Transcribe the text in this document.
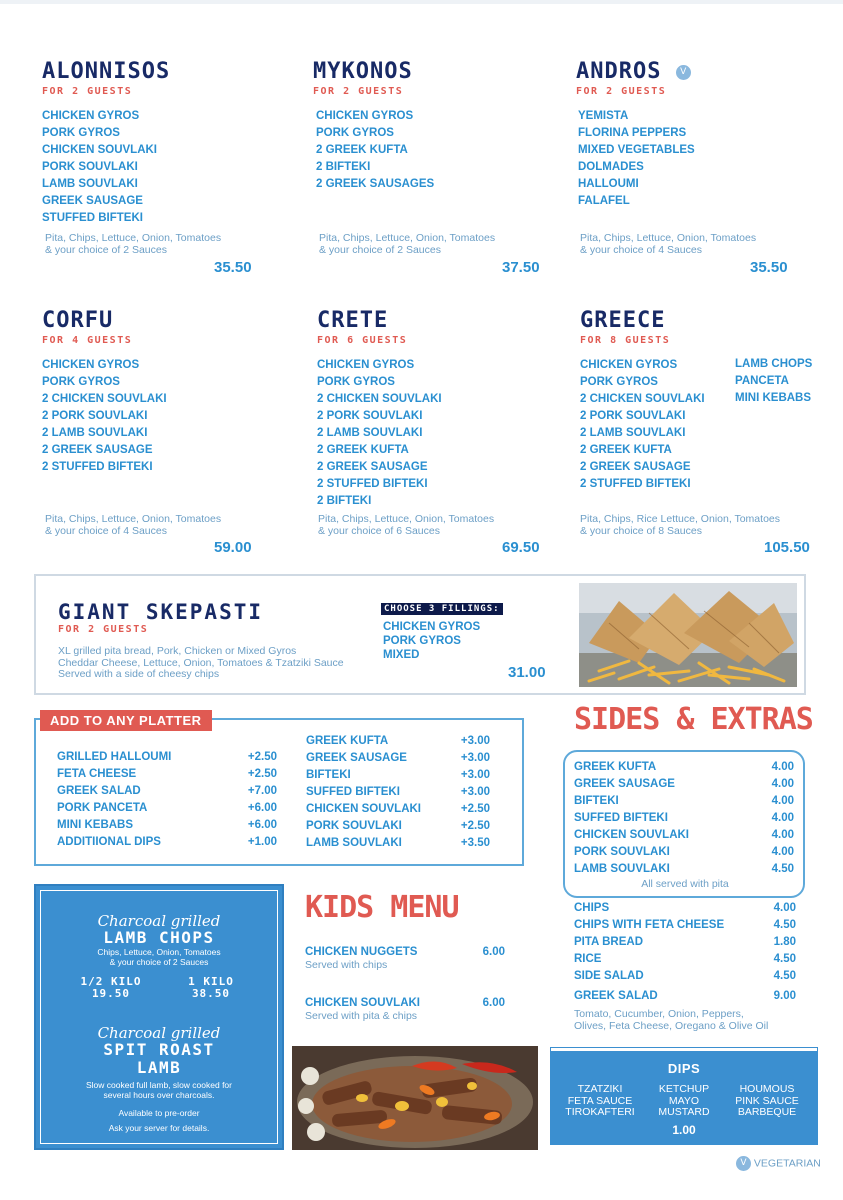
ALONNISOS
FOR 2 GUESTS
CHICKEN GYROS
PORK GYROS
CHICKEN SOUVLAKI
PORK SOUVLAKI
LAMB SOUVLAKI
GREEK SAUSAGE
STUFFED BIFTEKI
Pita, Chips, Lettuce, Onion, Tomatoes
& your choice of 2 Sauces
35.50
MYKONOS
FOR 2 GUESTS
CHICKEN GYROS
PORK GYROS
2 GREEK KUFTA
2 BIFTEKI
2 GREEK SAUSAGES
Pita, Chips, Lettuce, Onion, Tomatoes
& your choice of 2 Sauces
37.50
ANDROS V
FOR 2 GUESTS
YEMISTA
FLORINA PEPPERS
MIXED VEGETABLES
DOLMADES
HALLOUMI
FALAFEL
Pita, Chips, Lettuce, Onion, Tomatoes
& your choice of 4 Sauces
35.50
CORFU
FOR 4 GUESTS
CHICKEN GYROS
PORK GYROS
2 CHICKEN SOUVLAKI
2 PORK SOUVLAKI
2 LAMB SOUVLAKI
2 GREEK SAUSAGE
2 STUFFED BIFTEKI
Pita, Chips, Lettuce, Onion, Tomatoes
& your choice of 4 Sauces
59.00
CRETE
FOR 6 GUESTS
CHICKEN GYROS
PORK GYROS
2 CHICKEN SOUVLAKI
2 PORK SOUVLAKI
2 LAMB SOUVLAKI
2 GREEK KUFTA
2 GREEK SAUSAGE
2 STUFFED BIFTEKI
2 BIFTEKI
Pita, Chips, Lettuce, Onion, Tomatoes
& your choice of 6 Sauces
69.50
GREECE
FOR 8 GUESTS
CHICKEN GYROS
PORK GYROS
2 CHICKEN SOUVLAKI
2 PORK SOUVLAKI
2 LAMB SOUVLAKI
2 GREEK KUFTA
2 GREEK SAUSAGE
2 STUFFED BIFTEKI
LAMB CHOPS
PANCETA
MINI KEBABS
Pita, Chips, Rice Lettuce, Onion, Tomatoes
& your choice of 8 Sauces
105.50
GIANT SKEPASTI
FOR 2 GUESTS
XL grilled pita bread, Pork, Chicken or Mixed Gyros
Cheddar Cheese, Lettuce, Onion, Tomatoes & Tzatziki Sauce
Served with a side of cheesy chips
CHOOSE 3 FILLINGS:
CHICKEN GYROS
PORK GYROS
MIXED
31.00
ADD TO ANY PLATTER
GRILLED HALLOUMI	+2.50
FETA CHEESE	+2.50
GREEK SALAD	+7.00
PORK PANCETA	+6.00
MINI KEBABS	+6.00
ADDITIIONAL DIPS	+1.00
GREEK KUFTA	+3.00
GREEK SAUSAGE	+3.00
BIFTEKI	+3.00
SUFFED BIFTEKI	+3.00
CHICKEN SOUVLAKI	+2.50
PORK SOUVLAKI	+2.50
LAMB SOUVLAKI	+3.50
SIDES & EXTRAS
GREEK KUFTA	4.00
GREEK SAUSAGE	4.00
BIFTEKI	4.00
SUFFED BIFTEKI	4.00
CHICKEN SOUVLAKI	4.00
PORK SOUVLAKI	4.00
LAMB SOUVLAKI	4.50
All served with pita
CHIPS	4.00
CHIPS WITH FETA CHEESE	4.50
PITA BREAD	1.80
RICE	4.50
SIDE SALAD	4.50
GREEK SALAD	9.00
Tomato, Cucumber, Onion, Peppers,
Olives, Feta Cheese, Oregano & Olive Oil
DIPS
TZATZIKI
FETA SAUCE
TIROKAFTERI
KETCHUP
MAYO
MUSTARD
HOUMOUS
PINK SAUCE
BARBEQUE
1.00
Charcoal grilled
LAMB CHOPS
Chips, Lettuce, Onion, Tomatoes
& your choice of 2 Sauces
1/2 KILO
19.50
1 KILO
38.50
Charcoal grilled
SPIT ROAST
LAMB
Slow cooked full lamb, slow cooked for
several hours over charcoals.
Available to pre-order
Ask your server for details.
KIDS MENU
CHICKEN NUGGETS	6.00
Served with chips
CHICKEN SOUVLAKI	6.00
Served with pita & chips
V VEGETARIAN
